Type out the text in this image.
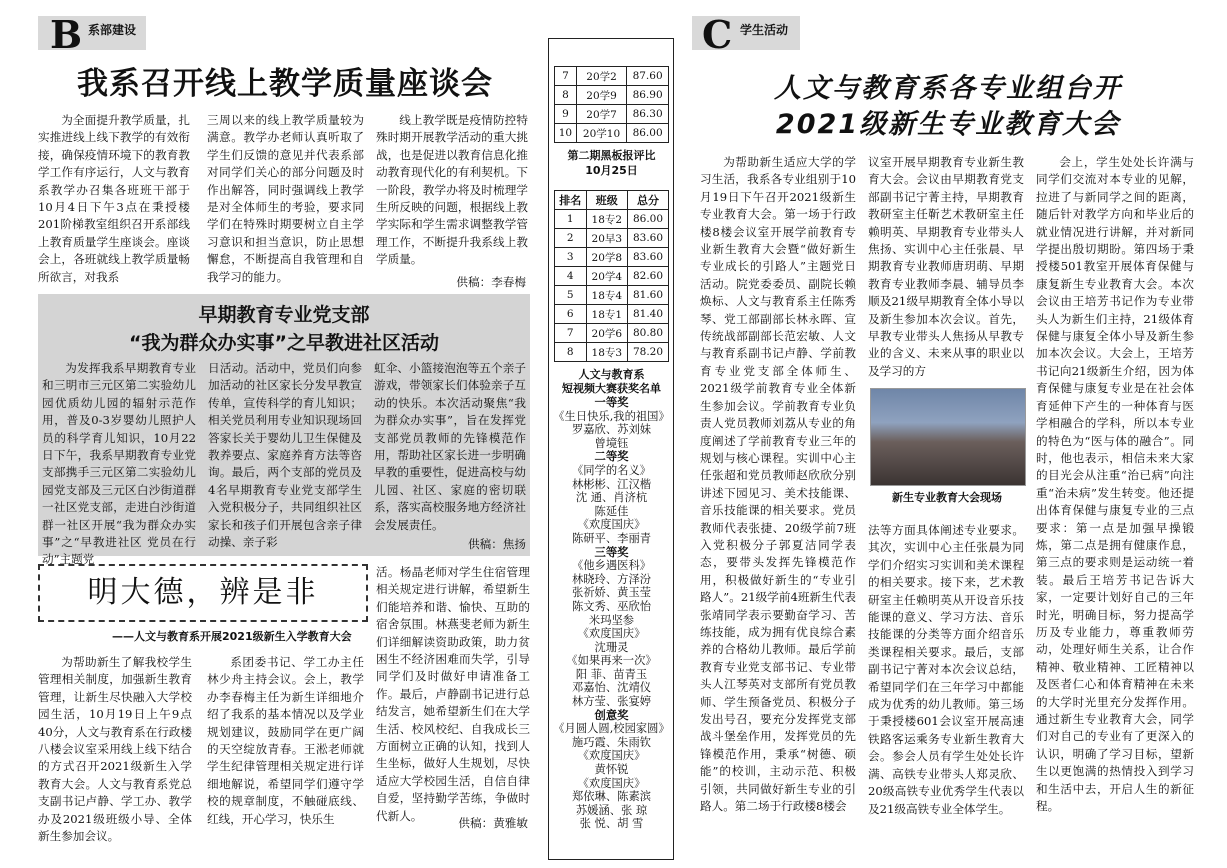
B 系部建设
我系召开线上教学质量座谈会

为全面提升教学质量，扎实推进线上线下教学的有效衔接，确保疫情环境下的教育教学工作有序运行，人文与教育系教学办召集各班班干部于10月4日下午3点在秉授楼201阶梯教室组织召开系部线上教育质量学生座谈会。座谈会上，各班就线上教学质量畅所欲言，对我系

三周以来的线上教学质量较为满意。教学办老师认真听取了学生们反馈的意见并代表系部对同学们关心的部分问题及时作出解答，同时强调线上教学是对全体师生的考验，要求同学们在特殊时期要树立自主学习意识和担当意识，防止思想懈怠，不断提高自我管理和自我学习的能力。

线上教学既是疫情防控特殊时期开展教学活动的重大挑战，也是促进以教育信息化推动教育现代化的有利契机。下一阶段，教学办将及时梳理学生所反映的问题，根据线上教学实际和学生需求调整教学管理工作，不断提升我系线上教学质量。

供稿：李春梅
早期教育专业党支部
“我为群众办实事”之早教进社区活动

为发挥我系早期教育专业和三明市三元区第二实验幼儿园优质幼儿园的辐射示范作用，普及0-3岁婴幼儿照护人员的科学育儿知识，10月22日下午，我系早期教育专业党支部携手三元区第二实验幼儿园党支部及三元区白沙街道群一社区党支部，走进白沙街道群一社区开展“我为群众办实事”之“早教进社区 党员在行动”主题党

日活动。活动中，党员们向参加活动的社区家长分发早教宣传单，宣传科学的育儿知识；相关党员利用专业知识现场回答家长关于婴幼儿卫生保健及教养要点、家庭养育方法等咨询。最后，两个支部的党员及4名早期教育专业党支部学生入党积极分子，共同组织社区家长和孩子们开展包含亲子律动操、亲子彩

虹伞、小篮接泡泡等五个亲子游戏，带领家长们体验亲子互动的快乐。本次活动聚焦“我为群众办实事”，旨在发挥党支部党员教师的先锋模范作用，帮助社区家长进一步明确早教的重要性，促进高校与幼儿园、社区、家庭的密切联系，落实高校服务地方经济社会发展责任。

供稿：焦扬
明大德，辨是非
——人文与教育系开展2021级新生入学教育大会

为帮助新生了解我校学生管理相关制度，加强新生教育管理，让新生尽快融入大学校园生活，10月19日上午9点40分，人文与教育系在行政楼八楼会议室采用线上线下结合的方式召开2021级新生入学教育大会。人文与教育系党总支副书记卢静、学工办、教学办及2021级班级小导、全体新生参加会议。

系团委书记、学工办主任林少舟主持会议。会上，教学办李春梅主任为新生详细地介绍了我系的基本情况以及学业规划建议，鼓励同学在更广阔的天空绽放青春。王淞老师就学生纪律管理相关规定进行详细地解说，希望同学们遵守学校的规章制度，不触碰底线、红线，开心学习，快乐生

活。杨晶老师对学生住宿管理相关规定进行讲解，希望新生们能培养和谐、愉快、互助的宿舍氛围。林燕斐老师为新生们详细解读资助政策，助力贫困生不经济困难而失学，引导同学们及时做好申请准备工作。最后，卢静副书记进行总结发言，她希望新生们在大学生活、校风校纪、自我成长三方面树立正确的认知，找到人生坐标，做好人生规划，尽快适应大学校园生活，自信自律自爱，坚持勤学苦练，争做时代新人。

供稿：黄雅敏
7	20学2	87.60
8	20学9	86.90
9	20学7	86.30
10	20学10	86.00
第二期黑板报评比
10月25日
排名	班级	总分
1	18专2	86.00
2	20早3	83.60
3	20学8	83.60
4	20学4	82.60
5	18专4	81.60
6	18专1	81.40
7	20学6	80.80
8	18专3	78.20
人文与教育系
短视频大赛获奖名单
一等奖
《生日快乐,我的祖国》
罗嘉欣、苏刘妹
曾境钰
二等奖
《同学的名义》
林彬彬、江汉楷
沈 通、肖济杭
陈延佳
《欢度国庆》
陈研平、李丽青
三等奖
《他乡遇医科》
林晓玲、方泽汾
张祈娇、黄玉莹
陈文秀、巫欣怡
米玛坚参
《欢度国庆》
沈珊灵
《如果再来一次》
阳 菲、苗青玉
邓嘉怡、沈靖仪
林方莹、张宴婷
创意奖
《月圆人圆,校园家圆》
施巧霞、朱雨钦
《欢度国庆》
黄怀锐
《欢度国庆》
郑依琳、陈素滨
苏媛涵、张 琼
张 悦、胡 雪
C 学生活动
人文与教育系各专业组台开
2021级新生专业教育大会

为帮助新生适应大学的学习生活，我系各专业组别于10月19日下午召开2021级新生专业教育大会。第一场于行政楼8楼会议室开展学前教育专业新生教育大会暨“做好新生专业成长的引路人”主题党日活动。院党委委员、副院长赖焕标、人文与教育系主任陈秀琴、党工部副部长林永晖、宣传统战部副部长范宏敏、人文与教育系副书记卢静、学前教育专业党支部全体师生、2021级学前教育专业全体新生参加会议。学前教育专业负责人党员教师刘荔从专业的角度阐述了学前教育专业三年的规划与核心课程。实训中心主任张超和党员教师赵欣欣分别讲述下园见习、美术技能课、音乐技能课的相关要求。党员教师代表张捷、20级学前7班入党积极分子郭夏洁同学表态，要带头发挥先锋模范作用，积极做好新生的“专业引路人”。21级学前4班新生代表张靖同学表示要勤奋学习、苦练技能，成为拥有优良综合素养的合格幼儿教师。最后学前教育专业党支部书记、专业带头人江琴英对支部所有党员教师、学生预备党员、积极分子发出号召，要充分发挥党支部战斗堡垒作用，发挥党员的先锋模范作用，秉承“树德、硕能”的校训，主动示范、积极引领，共同做好新生专业的引路人。第二场于行政楼8楼会

议室开展早期教育专业新生教育大会。会议由早期教育党支部副书记宁菁主持，早期教育教研室主任靳艺术教研室主任赖明英、早期教育专业带头人焦扬、实训中心主任张晨、早期教育专业教师唐玥萌、早期教育专业教师李晨、辅导员李顺及21级早期教育全体小导以及新生参加本次会议。首先，早教专业带头人焦扬从早教专业的含义、未来从事的职业以及学习的方

新生专业教育大会现场

法等方面具体阐述专业要求。其次，实训中心主任张晨为同学们介绍实习实训和美术课程的相关要求。接下来，艺术教研室主任赖明英从开设音乐技能课的意义、学习方法、音乐技能课的分类等方面介绍音乐类课程相关要求。最后，支部副书记宁菁对本次会议总结，希望同学们在三年学习中都能成为优秀的幼儿教师。第三场于秉授楼601会议室开展高速铁路客运乘务专业新生教育大会。参会人员有学生处处长许满、高铁专业带头人郑灵欣、20级高铁专业优秀学生代表以及21级高铁专业全体学生。

会上，学生处处长许满与同学们交流对本专业的见解，拉进了与新同学之间的距离，随后针对教学方向和毕业后的就业情况进行讲解，并对新同学提出殷切期盼。第四场于秉授楼501教室开展体育保健与康复新生专业教育大会。本次会议由王培芳书记作为专业带头人为新生们主持，21级体育保健与康复全体小导及新生参加本次会议。大会上，王培芳书记向21级新生介绍，因为体育保健与康复专业是在社会体育延伸下产生的一种体育与医学相融合的学科，所以本专业的特色为“医与体的融合”。同时，他也表示，相信未来大家的目光会从注重“治已病”向注重“治未病”发生转变。他还提出体育保健与康复专业的三点要求：第一点是加强早操锻炼，第二点是拥有健康作息，第三点的要求则是运动统一着装。最后王培芳书记告诉大家，一定要计划好自己的三年时光，明确目标，努力提高学历及专业能力，尊重教师劳动，处理好师生关系，让合作精神、敬业精神、工匠精神以及医者仁心和体育精神在未来的大学时光里充分发挥作用。通过新生专业教育大会，同学们对自己的专业有了更深入的认识，明确了学习目标，望新生以更饱满的热情投入到学习和生活中去，开启人生的新征程。
